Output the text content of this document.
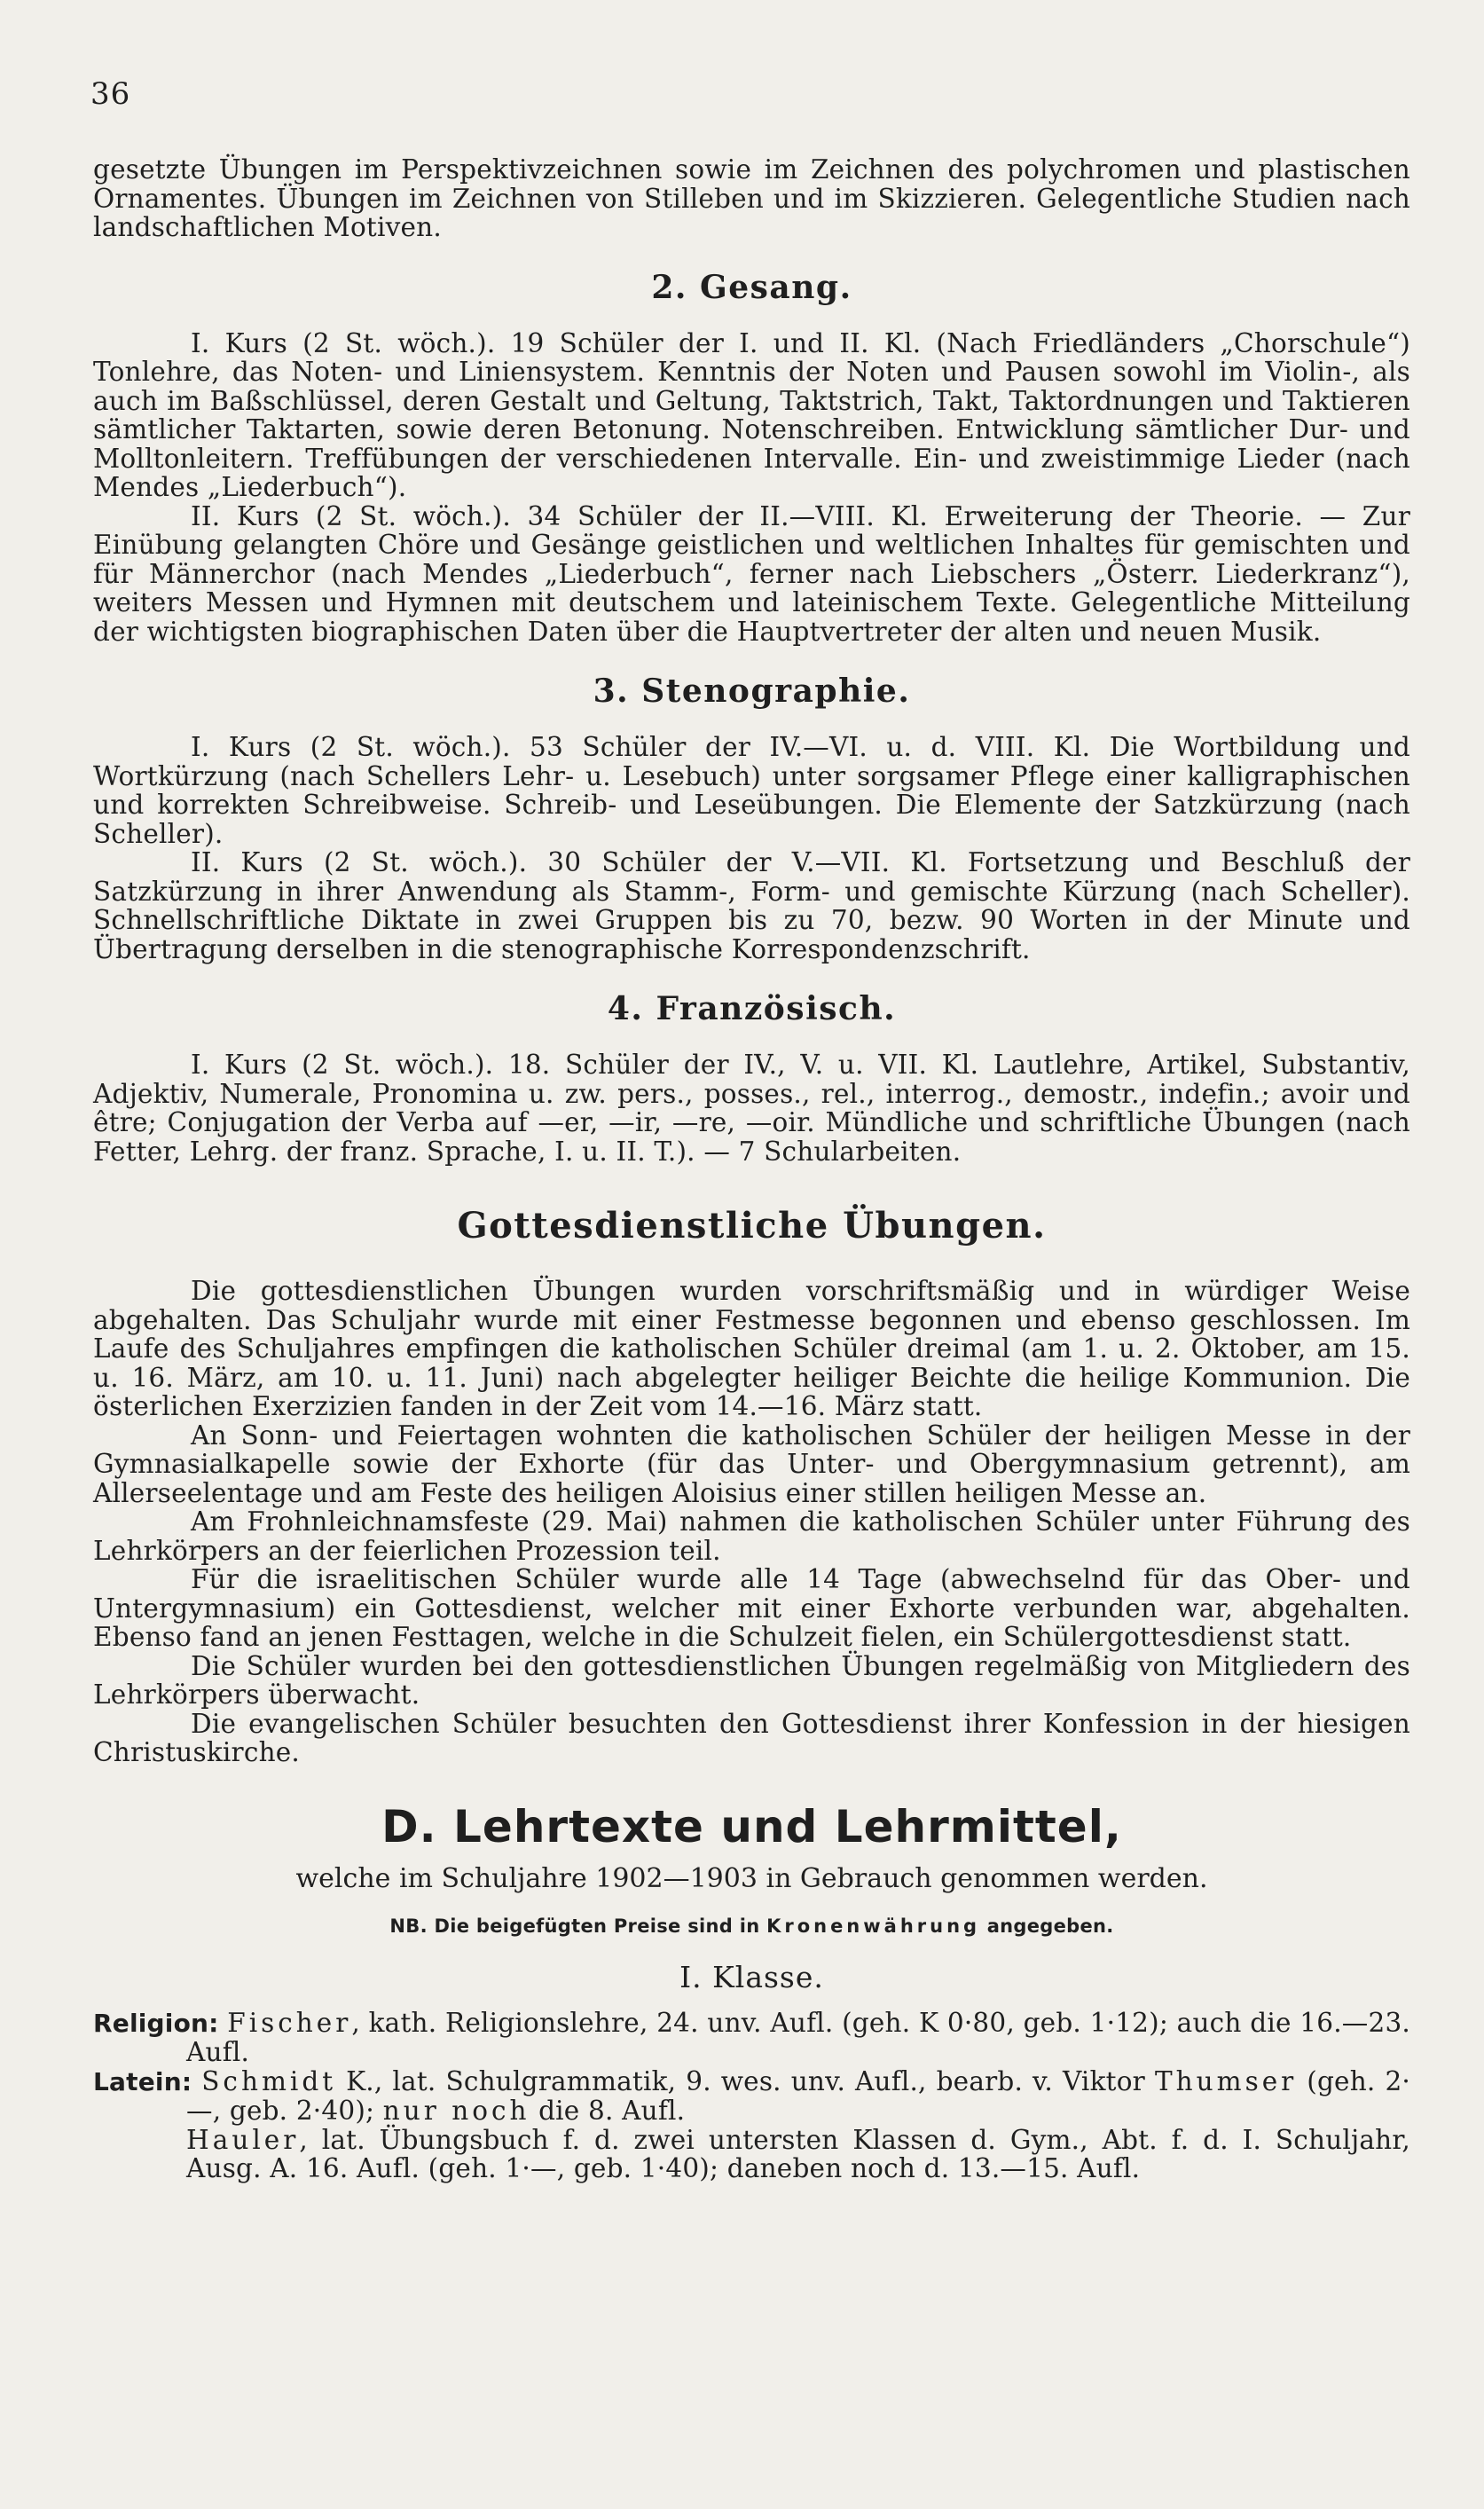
36

gesetzte Übungen im Perspektivzeichnen sowie im Zeichnen des polychromen und plastischen Ornamentes. Übungen im Zeichnen von Stilleben und im Skizzieren. Gelegentliche Studien nach landschaftlichen Motiven.

2. Gesang.

I. Kurs (2 St. wöch.). 19 Schüler der I. und II. Kl. (Nach Friedländers „Chorschule“) Tonlehre, das Noten- und Liniensystem. Kenntnis der Noten und Pausen sowohl im Violin-, als auch im Baßschlüssel, deren Gestalt und Geltung, Taktstrich, Takt, Taktordnungen und Taktieren sämtlicher Taktarten, sowie deren Betonung. Notenschreiben. Entwicklung sämtlicher Dur- und Molltonleitern. Treffübungen der verschiedenen Intervalle. Ein- und zweistimmige Lieder (nach Mendes „Liederbuch“).

II. Kurs (2 St. wöch.). 34 Schüler der II.—VIII. Kl. Erweiterung der Theorie. — Zur Einübung gelangten Chöre und Gesänge geistlichen und weltlichen Inhaltes für gemischten und für Männerchor (nach Mendes „Liederbuch“, ferner nach Liebschers „Österr. Liederkranz“), weiters Messen und Hymnen mit deutschem und lateinischem Texte. Gelegentliche Mitteilung der wichtigsten biographischen Daten über die Hauptvertreter der alten und neuen Musik.

3. Stenographie.

I. Kurs (2 St. wöch.). 53 Schüler der IV.—VI. u. d. VIII. Kl. Die Wortbildung und Wortkürzung (nach Schellers Lehr- u. Lesebuch) unter sorgsamer Pflege einer kalligraphischen und korrekten Schreibweise. Schreib- und Leseübungen. Die Elemente der Satzkürzung (nach Scheller).

II. Kurs (2 St. wöch.). 30 Schüler der V.—VII. Kl. Fortsetzung und Beschluß der Satzkürzung in ihrer Anwendung als Stamm-, Form- und gemischte Kürzung (nach Scheller). Schnellschriftliche Diktate in zwei Gruppen bis zu 70, bezw. 90 Worten in der Minute und Übertragung derselben in die stenographische Korrespondenzschrift.

4. Französisch.

I. Kurs (2 St. wöch.). 18. Schüler der IV., V. u. VII. Kl. Lautlehre, Artikel, Substantiv, Adjektiv, Numerale, Pronomina u. zw. pers., posses., rel., interrog., demostr., indefin.; avoir und être; Conjugation der Verba auf —er, —ir, —re, —oir. Mündliche und schriftliche Übungen (nach Fetter, Lehrg. der franz. Sprache, I. u. II. T.). — 7 Schularbeiten.

Gottesdienstliche Übungen.

Die gottesdienstlichen Übungen wurden vorschriftsmäßig und in würdiger Weise abgehalten. Das Schuljahr wurde mit einer Festmesse begonnen und ebenso geschlossen. Im Laufe des Schuljahres empfingen die katholischen Schüler dreimal (am 1. u. 2. Oktober, am 15. u. 16. März, am 10. u. 11. Juni) nach abgelegter heiliger Beichte die heilige Kommunion. Die österlichen Exerzizien fanden in der Zeit vom 14.—16. März statt.

An Sonn- und Feiertagen wohnten die katholischen Schüler der heiligen Messe in der Gymnasialkapelle sowie der Exhorte (für das Unter- und Obergymnasium getrennt), am Allerseelentage und am Feste des heiligen Aloisius einer stillen heiligen Messe an.

Am Frohnleichnamsfeste (29. Mai) nahmen die katholischen Schüler unter Führung des Lehrkörpers an der feierlichen Prozession teil.

Für die israelitischen Schüler wurde alle 14 Tage (abwechselnd für das Ober- und Untergymnasium) ein Gottesdienst, welcher mit einer Exhorte verbunden war, abgehalten. Ebenso fand an jenen Festtagen, welche in die Schulzeit fielen, ein Schülergottesdienst statt.

Die Schüler wurden bei den gottesdienstlichen Übungen regelmäßig von Mitgliedern des Lehrkörpers überwacht.

Die evangelischen Schüler besuchten den Gottesdienst ihrer Konfession in der hiesigen Christuskirche.

D. Lehrtexte und Lehrmittel,
welche im Schuljahre 1902—1903 in Gebrauch genommen werden.
NB. Die beigefügten Preise sind in Kronenwährung angegeben.
I. Klasse.

Religion: Fischer, kath. Religionslehre, 24. unv. Aufl. (geh. K 0·80, geb. 1·12); auch die 16.—23. Aufl.

Latein: Schmidt K., lat. Schulgrammatik, 9. wes. unv. Aufl., bearb. v. Viktor Thumser (geh. 2·—, geb. 2·40); nur noch die 8. Aufl.

Hauler, lat. Übungsbuch f. d. zwei untersten Klassen d. Gym., Abt. f. d. I. Schuljahr, Ausg. A. 16. Aufl. (geh. 1·—, geb. 1·40); daneben noch d. 13.—15. Aufl.
